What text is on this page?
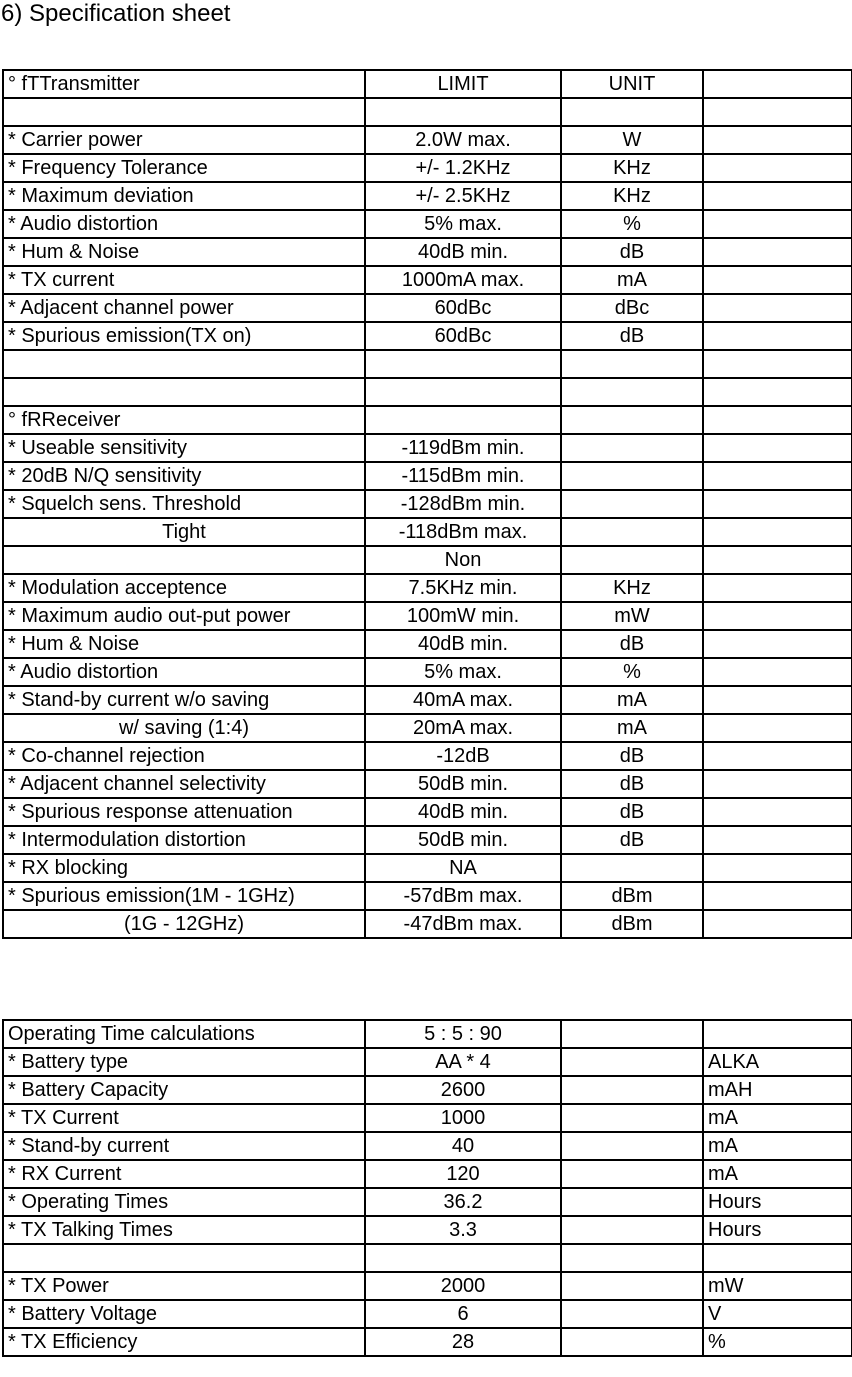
6) Specification sheet
° fTTransmitter	LIMIT	UNIT	

* Carrier power	2.0W max.	W	
* Frequency Tolerance	+/- 1.2KHz	KHz	
* Maximum deviation	+/- 2.5KHz	KHz	
* Audio distortion	5% max.	%	
* Hum & Noise	40dB min.	dB	
* TX current	1000mA max.	mA	
* Adjacent channel power	60dBc	dBc	
* Spurious emission(TX on)	60dBc	dB	

° fRReceiver			
* Useable sensitivity	-119dBm min.		
* 20dB N/Q sensitivity	-115dBm min.		
* Squelch sens. Threshold	-128dBm min.		
Tight	-118dBm max.		
	Non		
* Modulation acceptence	7.5KHz min.	KHz	
* Maximum audio out-put power	100mW min.	mW	
* Hum & Noise	40dB min.	dB	
* Audio distortion	5% max.	%	
* Stand-by current w/o saving	40mA max.	mA	
w/ saving (1:4)	20mA max.	mA	
* Co-channel rejection	-12dB	dB	
* Adjacent channel selectivity	50dB min.	dB	
* Spurious response attenuation	40dB min.	dB	
* Intermodulation distortion	50dB min.	dB	
* RX blocking	NA		
* Spurious emission(1M - 1GHz)	-57dBm max.	dBm	
(1G - 12GHz)	-47dBm max.	dBm	
Operating Time calculations	5 : 5 : 90		
* Battery type	AA * 4		ALKA
* Battery Capacity	2600		mAH
* TX Current	1000		mA
* Stand-by current	40		mA
* RX Current	120		mA
* Operating Times	36.2		Hours
* TX Talking Times	3.3		Hours

* TX Power	2000		mW
* Battery Voltage	6		V
* TX Efficiency	28		%
